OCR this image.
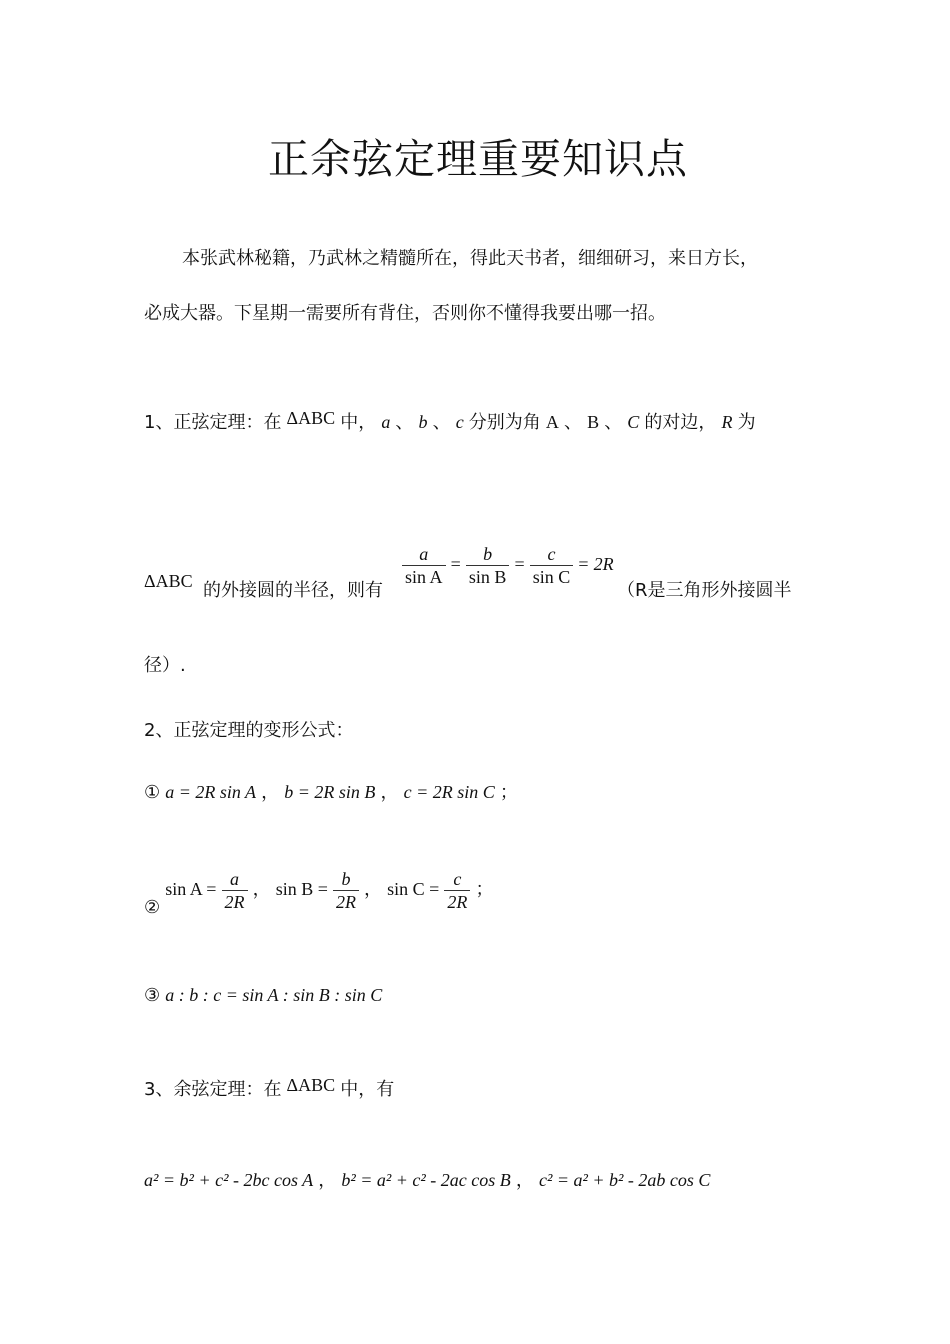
正余弦定理重要知识点
本张武林秘籍，乃武林之精髓所在，得此天书者，细细研习，来日方长，
必成大器。下星期一需要所有背住，否则你不懂得我要出哪一招。
1、正弦定理：在 ΔABC 中， a 、 b 、 c 分别为角 A 、 B 、 C 的对边， R 为
ΔABC 的外接圆的半径，则有
$\frac{a}{\text{sin A}} = \frac{b}{\text{sin B}} = \frac{c}{\text{sin C}} = 2R$
（R是三角形外接圆半
径）.
2、正弦定理的变形公式：
① a = 2R sin A ， b = 2R sin B ， c = 2R sin C ；
② $\sin A = \frac{a}{2R}$ ， $\sin B = \frac{b}{2R}$ ， $\sin C = \frac{c}{2R}$ ；
③ a : b : c = sin A : sin B : sin C
3、余弦定理：在 ΔABC 中，有
a² = b² + c² - 2bc cos A ， b² = a² + c² - 2ac cos B ， c² = a² + b² - 2ab cos C
